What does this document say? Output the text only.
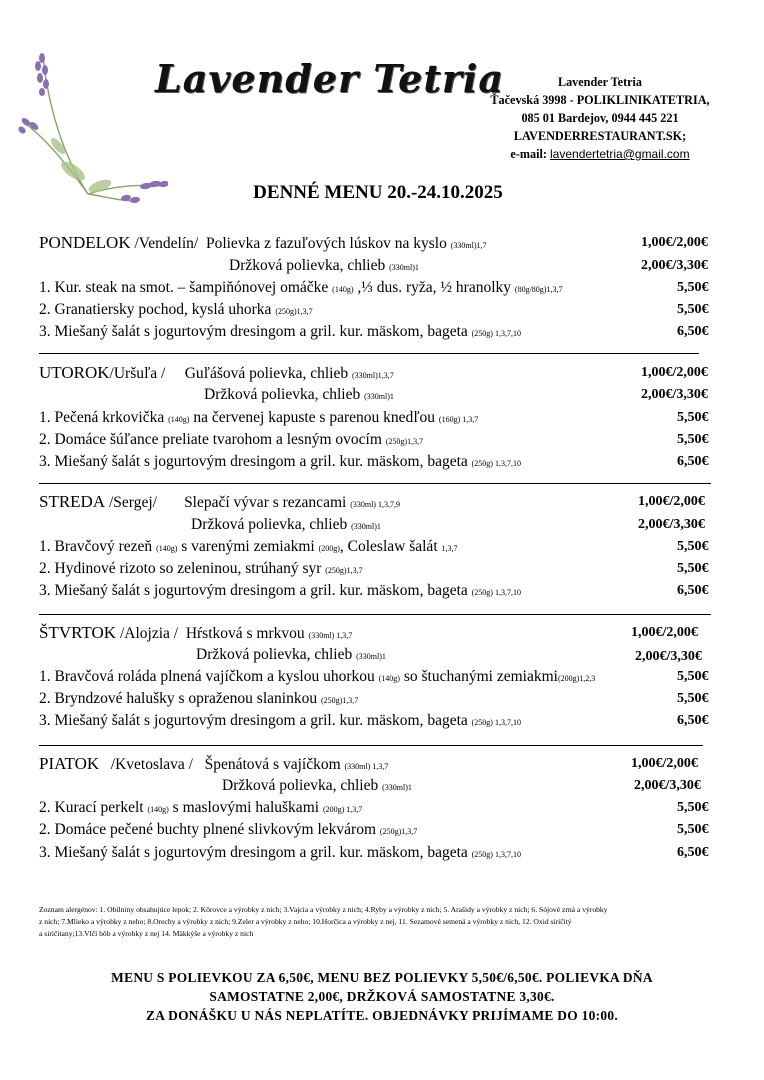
Lavender Tetria	Lavender Tetria
Ťačevská 3998 - POLIKLINIKATETRIA,
085 01 Bardejov, 0944 445 221
LAVENDERRESTAURANT.SK;
e-mail: lavendertetria@gmail.com
DENNÉ MENU 20.-24.10.2025
PONDELOK /Vendelín/ Polievka z fazuľových lúskov na kyslo (330ml)1,7	1,00€/2,00€
Držková polievka, chlieb (330ml)1	2,00€/3,30€
1. Kur. steak na smot. – šampiňónovej omáčke (140g) ,⅓ dus. ryža, ½ hranolky (80g/80g)1,3,7	5,50€
2. Granatiersky pochod, kyslá uhorka (250g)1,3,7	5,50€
3. Miešaný šalát s jogurtovým dresingom a gril. kur. mäskom, bageta (250g) 1,3,7,10	6,50€
UTOROK/Uršuľa / Guľášová polievka, chlieb (330ml)1,3,7	1,00€/2,00€
Držková polievka, chlieb (330ml)1	2,00€/3,30€
1. Pečená krkovička (140g) na červenej kapuste s parenou knedľou (160g) 1,3,7	5,50€
2. Domáce šúľance preliate tvarohom a lesným ovocím (250g)1,3,7	5,50€
3. Miešaný šalát s jogurtovým dresingom a gril. kur. mäskom, bageta (250g) 1,3,7,10	6,50€
STREDA /Sergej/ Slepačí vývar s rezancami (330ml) 1,3,7,9	1,00€/2,00€
Držková polievka, chlieb (330ml)1	2,00€/3,30€
1. Bravčový rezeň (140g) s varenými zemiakmi (200g), Coleslaw šalát 1,3,7	5,50€
2. Hydinové rizoto so zeleninou, strúhaný syr (250g)1,3,7	5,50€
3. Miešaný šalát s jogurtovým dresingom a gril. kur. mäskom, bageta (250g) 1,3,7,10	6,50€
ŠTVRTOK /Alojzia / Hŕstková s mrkvou (330ml) 1,3,7	1,00€/2,00€
Držková polievka, chlieb (330ml)1	2,00€/3,30€
1. Bravčová roláda plnená vajíčkom a kyslou uhorkou (140g) so štuchanými zemiakmi(200g)1,2,3	5,50€
2. Bryndzové halušky s opraženou slaninkou (250g)1,3,7	5,50€
3. Miešaný šalát s jogurtovým dresingom a gril. kur. mäskom, bageta (250g) 1,3,7,10	6,50€
PIATOK /Kvetoslava / Špenátová s vajíčkom (330ml) 1,3,7	1,00€/2,00€
Držková polievka, chlieb (330ml)1	2,00€/3,30€
2. Kurací perkelt (140g) s maslovými haluškami (200g) 1,3,7	5,50€
2. Domáce pečené buchty plnené slivkovým lekvárom (250g)1,3,7	5,50€
3. Miešaný šalát s jogurtovým dresingom a gril. kur. mäskom, bageta (250g) 1,3,7,10	6,50€
Zoznam alergénov: 1. Obilniny obsahujúce lepok; 2. Kôrovce a výrobky z nich; 3.Vajcia a výrobky z nich; 4.Ryby a výrobky z nich; 5. Arašidy a výrobky z nich; 6. Sójové zrná a výrobky
z nich; 7.Mlieko a výrobky z neho; 8.Orechy a výrobky z nich; 9.Zeler a výrobky z neho; 10.Horčica a výrobky z nej, 11. Sezamové semená a výrobky z nich, 12. Oxid siričitý
a siričitany;13.Vlčí bôb a výrobky z nej 14. Mäkkýše a výrobky z nich
MENU S POLIEVKOU ZA 6,50€, MENU BEZ POLIEVKY 5,50€/6,50€. POLIEVKA DŇA
SAMOSTATNE 2,00€, DRŽKOVÁ SAMOSTATNE 3,30€.
ZA DONÁŠKU U NÁS NEPLATÍTE. OBJEDNÁVKY PRIJÍMAME DO 10:00.
